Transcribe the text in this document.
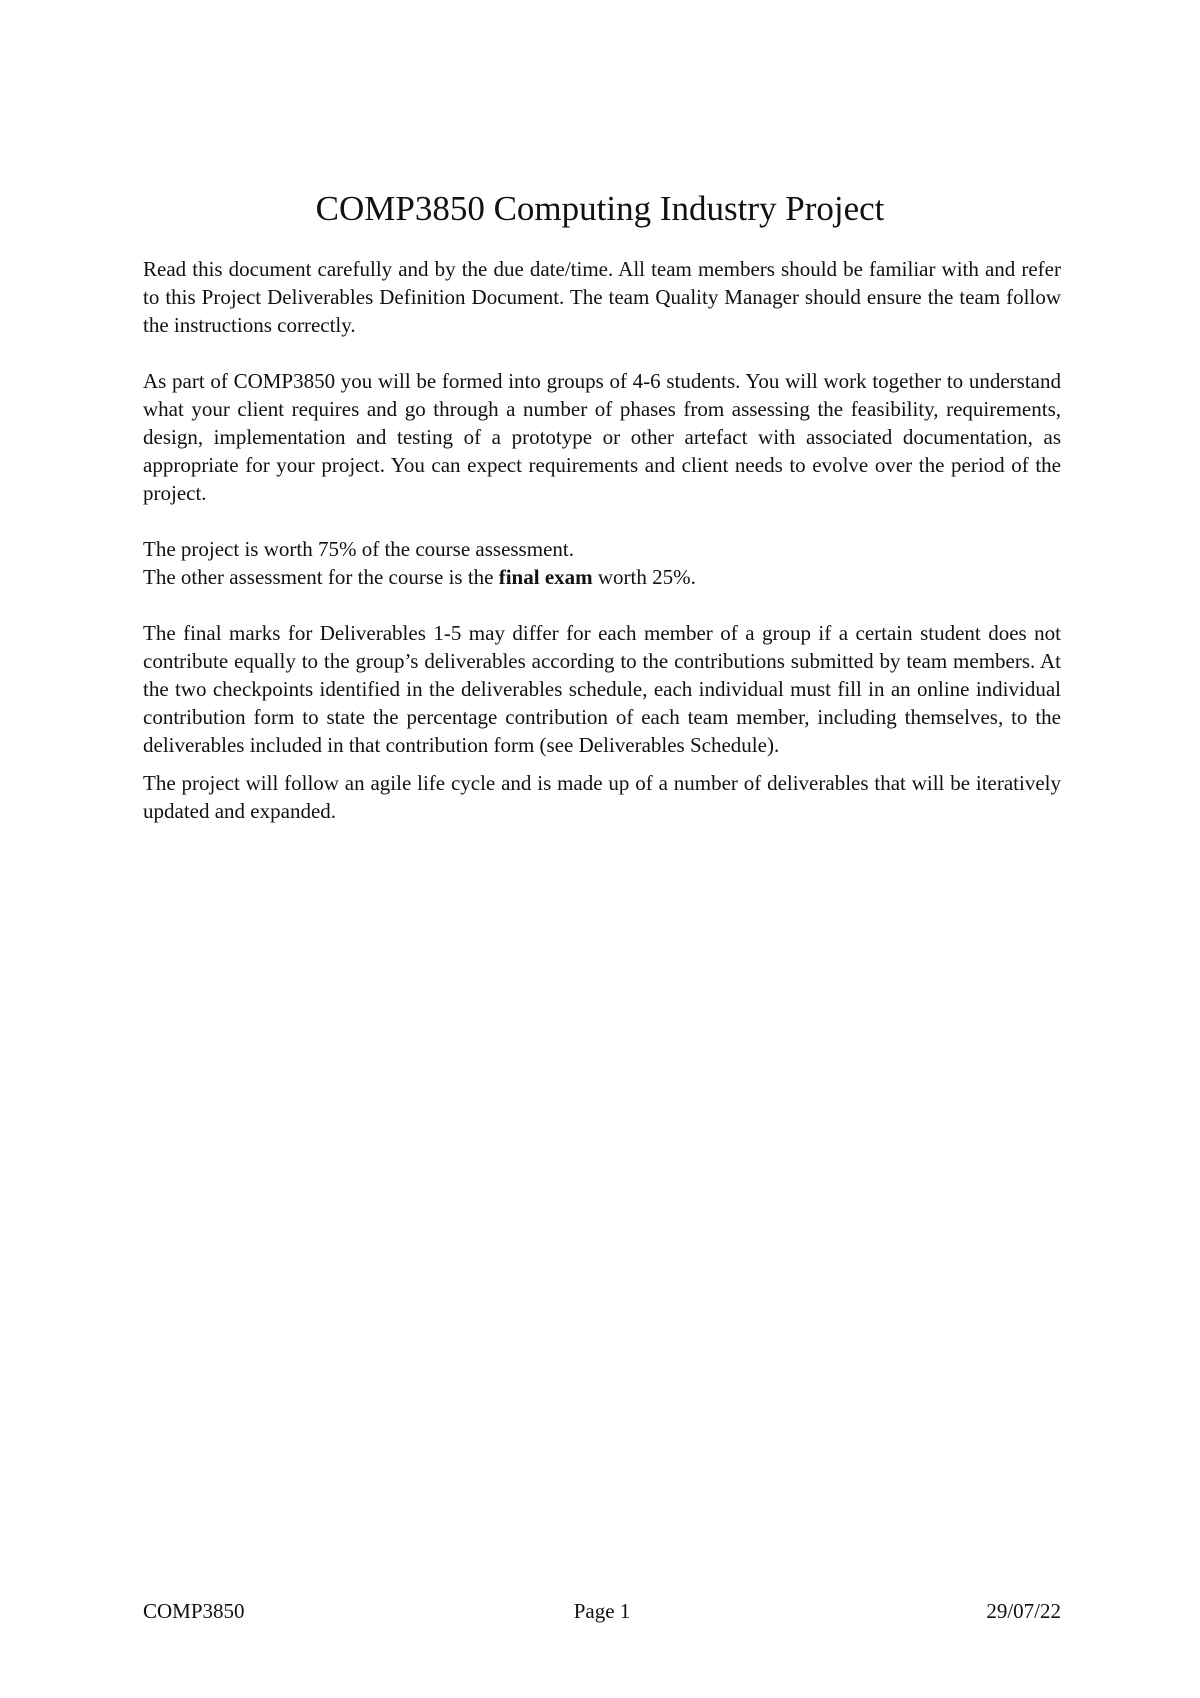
COMP3850 Computing Industry Project

Read this document carefully and by the due date/time. All team members should be familiar with and refer to this Project Deliverables Definition Document. The team Quality Manager should ensure the team follow the instructions correctly.

As part of COMP3850 you will be formed into groups of 4-6 students. You will work together to understand what your client requires and go through a number of phases from assessing the feasibility, requirements, design, implementation and testing of a prototype or other artefact with associated documentation, as appropriate for your project. You can expect requirements and client needs to evolve over the period of the project.

The project is worth 75% of the course assessment.

The other assessment for the course is the final exam worth 25%.

The final marks for Deliverables 1-5 may differ for each member of a group if a certain student does not contribute equally to the group’s deliverables according to the contributions submitted by team members. At the two checkpoints identified in the deliverables schedule, each individual must fill in an online individual contribution form to state the percentage contribution of each team member, including themselves, to the deliverables included in that contribution form (see Deliverables Schedule).

The project will follow an agile life cycle and is made up of a number of deliverables that will be iteratively updated and expanded.

COMP3850	Page 1	29/07/22
